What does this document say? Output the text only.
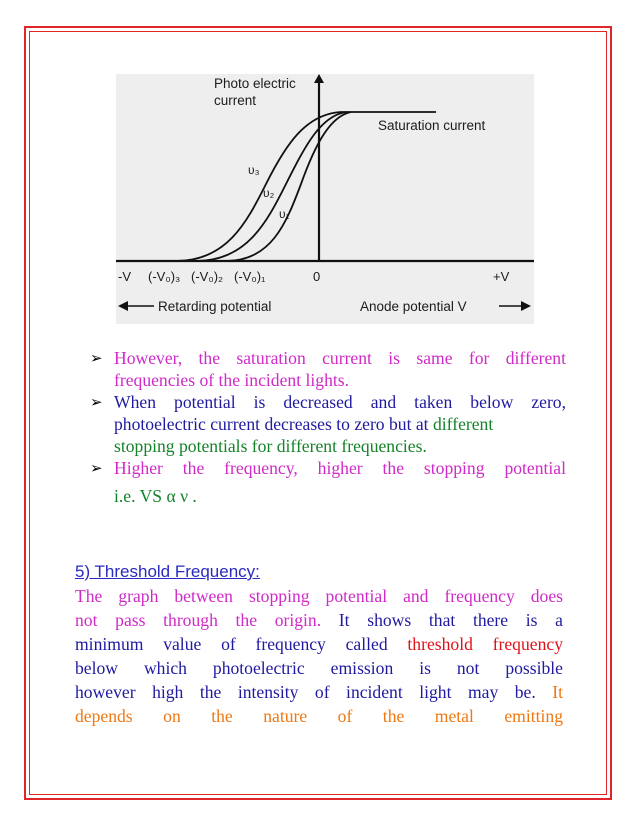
Photo electric
current
Saturation current
υ₃
υ₂
υ₁
-V (-V₀)₃ (-V₀)₂ (-V₀)₁	0	+V
Retarding potential	Anode potential V
➢ However, the saturation current is same for different
frequencies of the incident lights.
➢ When potential is decreased and taken below zero,
photoelectric current decreases to zero but at different
stopping potentials for different frequencies.
➢ Higher the frequency, higher the stopping potential
i.e. VS α ν .
5) Threshold Frequency:
The graph between stopping potential and frequency does
not pass through the origin. It shows that there is a
minimum value of frequency called threshold frequency
below which photoelectric emission is not possible
however high the intensity of incident light may be. It
depends on the nature of the metal emitting
